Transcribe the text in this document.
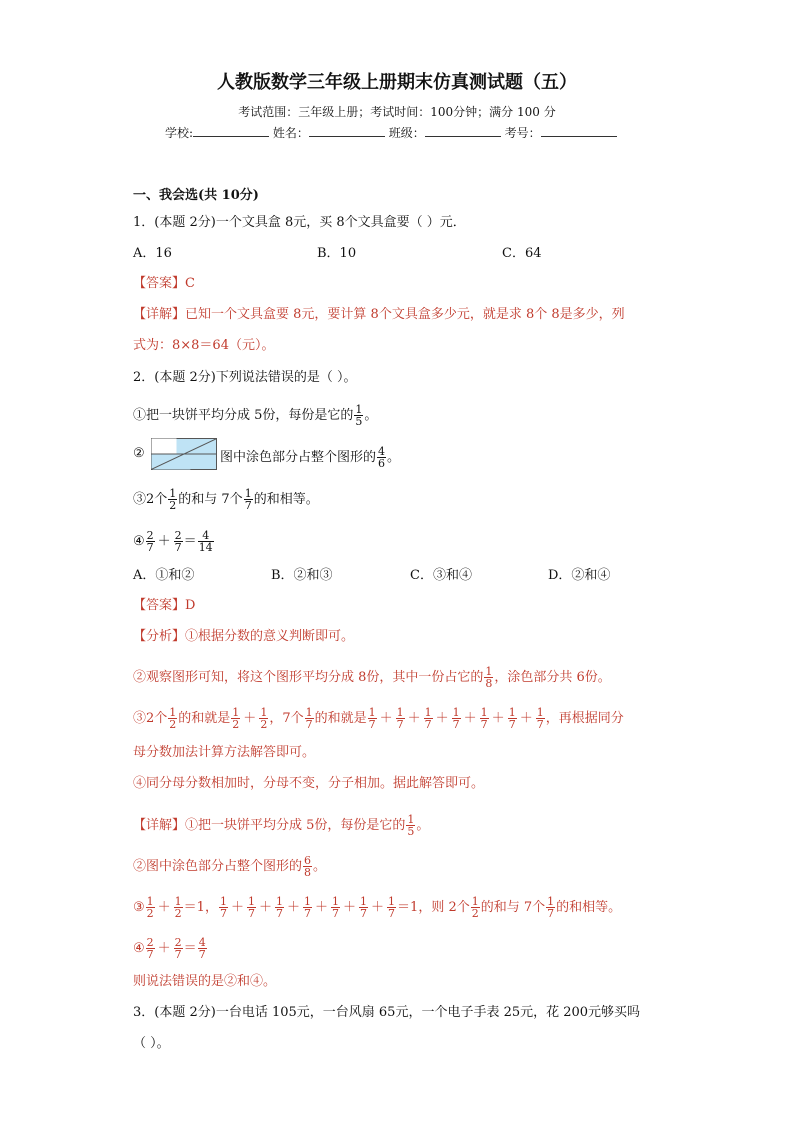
人教版数学三年级上册期末仿真测试题（五）
考试范围：三年级上册；考试时间：100分钟；满分 100 分
学校:	姓名：	班级：	考号：
一、我会选(共 10分)
1．(本题 2分)一个文具盒 8元，买 8个文具盒要（ ）元．
A．16	B．10	C．64
【答案】C
【详解】已知一个文具盒要 8元，要计算 8个文具盒多少元，就是求 8个 8是多少，列
式为：8×8＝64（元）。
2．(本题 2分)下列说法错误的是（ ）。
①把一块饼平均分成 5份，每份是它的 $\frac{1}{5}$ 。
②	图中涂色部分占整个图形的 $\frac{4}{6}$ 。
③2个 $\frac{1}{2}$ 的和与 7个 $\frac{1}{7}$ 的和相等。
④ $\frac{2}{7} + \frac{2}{7} = \frac{4}{14}$
A．①和②	B．②和③	C．③和④	D．②和④
【答案】D
【分析】①根据分数的意义判断即可。
②观察图形可知，将这个图形平均分成 8份，其中一份占它的 $\frac{1}{8}$ ，涂色部分共 6份。
③2个 $\frac{1}{2}$ 的和就是 $\frac{1}{2} + \frac{1}{2}$ ，7个 $\frac{1}{7}$ 的和就是 $\frac{1}{7} + \frac{1}{7} + \frac{1}{7} + \frac{1}{7} + \frac{1}{7} + \frac{1}{7} + \frac{1}{7}$ ，再根据同分
母分数加法计算方法解答即可。
④同分母分数相加时，分母不变，分子相加。据此解答即可。
【详解】①把一块饼平均分成 5份，每份是它的 $\frac{1}{5}$ 。
②图中涂色部分占整个图形的 $\frac{6}{8}$ 。
③ $\frac{1}{2} + \frac{1}{2} =1$， $\frac{1}{7} + \frac{1}{7} + \frac{1}{7} + \frac{1}{7} + \frac{1}{7} + \frac{1}{7} + \frac{1}{7} =1$，则 2个 $\frac{1}{2}$ 的和与 7个 $\frac{1}{7}$ 的和相等。
④ $\frac{2}{7} + \frac{2}{7} = \frac{4}{7}$
则说法错误的是②和④。
3．(本题 2分)一台电话 105元，一台风扇 65元，一个电子手表 25元，花 200元够买吗
（ ）。
